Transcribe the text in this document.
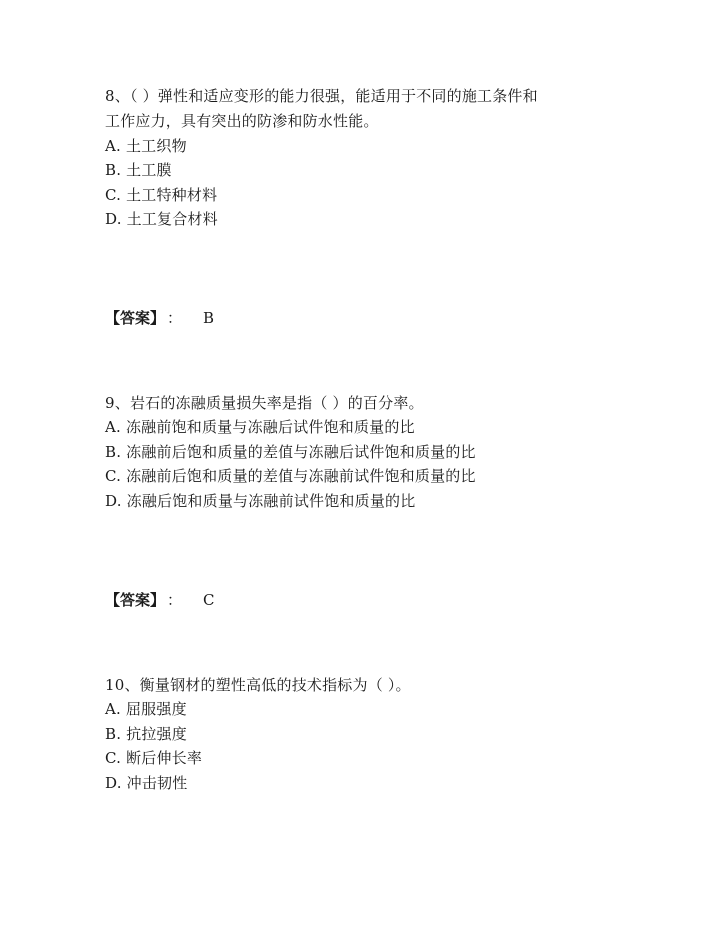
8、（ ）弹性和适应变形的能力很强，能适用于不同的施工条件和
工作应力，具有突出的防渗和防水性能。
A. 土工织物
B. 土工膜
C. 土工特种材料
D. 土工复合材料
【答案】 ： B
9、岩石的冻融质量损失率是指（ ）的百分率。
A. 冻融前饱和质量与冻融后试件饱和质量的比
B. 冻融前后饱和质量的差值与冻融后试件饱和质量的比
C. 冻融前后饱和质量的差值与冻融前试件饱和质量的比
D. 冻融后饱和质量与冻融前试件饱和质量的比
【答案】 ： C
10、衡量钢材的塑性高低的技术指标为（ ）。
A. 屈服强度
B. 抗拉强度
C. 断后伸长率
D. 冲击韧性
